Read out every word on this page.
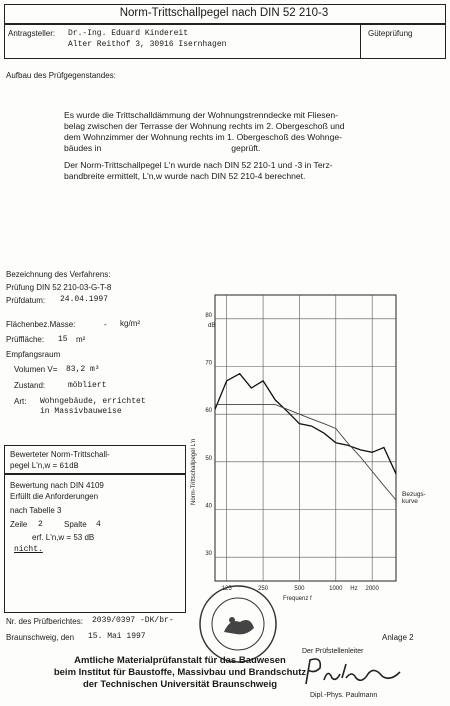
Norm-Trittschallpegel nach DIN 52 210-3
Antragsteller: Dr.-Ing. Eduard Kindereit
Alter Reithof 3, 30916 Isernhagen
Güteprüfung
Aufbau des Prüfgegenstandes:
Es wurde die Trittschalldämmung der Wohnungstrenndecke mit Fliesen-
belag zwischen der Terrasse der Wohnung rechts im 2. Obergeschoß und
dem Wohnzimmer der Wohnung rechts im 1. Obergeschoß des Wohnge-
bäudes in	geprüft.
Der Norm-Trittschallpegel L'n wurde nach DIN 52 210-1 und -3 in Terz-
bandbreite ermittelt, L'n,w wurde nach DIN 52 210-4 berechnet.
Bezeichnung des Verfahrens:
Prüfung DIN 52 210-03-G-T-8
Prüfdatum: 24.04.1997
Flächenbez.Masse:	- kg/m²
Prüffläche: 15 m²
Empfangsraum
Volumen V= 83,2 m³
Zustand:	möbliert
Art: Wohngebäude, errichtet
in Massivbauweise
Bewerteter Norm-Trittschall-
pegel L'n,w = 61dB
Bewertung nach DIN 4109
Erfüllt die Anforderungen
nach Tabelle 3
Zeile 2	Spalte 4
erf. L'n,w = 53 dB
nicht.
30
40
50
60
70
80
125	250	500	1000 Hz 2000
Norm-Trittschallpegel L'n
dB
Frequenz f
Bezugs-kurve
Nr. des Prüfberichtes: 2039/0397 -DK/br-
Braunschweig, den 15. Mai 1997	Anlage 2
Der Prüfstellenleiter
Amtliche Materialprüfanstalt für das Bauwesen
beim Institut für Baustoffe, Massivbau und Brandschutz
der Technischen Universität Braunschweig
Dipl.-Phys. Paulmann
